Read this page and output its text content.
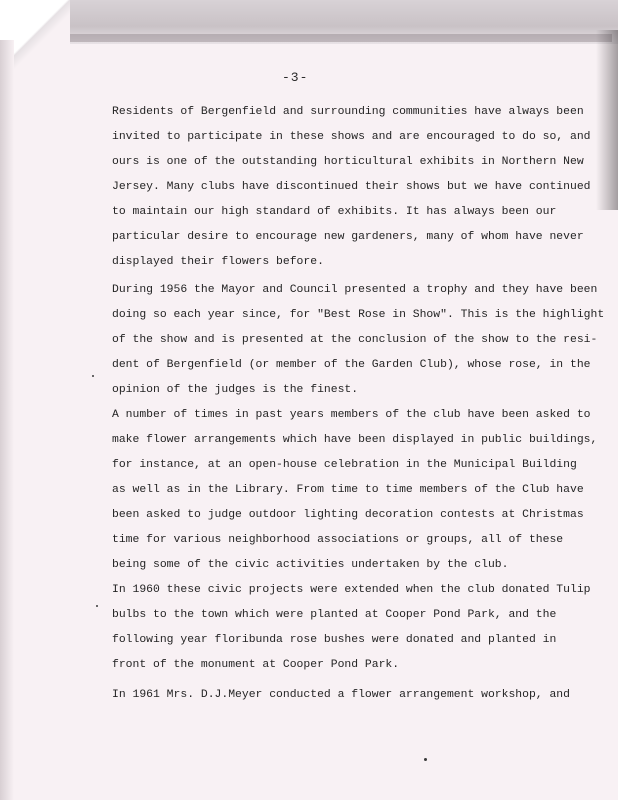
-3-

Residents of Bergenfield and surrounding communities have always been
invited to participate in these shows and are encouraged to do so, and
ours is one of the outstanding horticultural exhibits in Northern New
Jersey. Many clubs have discontinued their shows but we have continued
to maintain our high standard of exhibits. It has always been our
particular desire to encourage new gardeners, many of whom have never
displayed their flowers before.

During 1956 the Mayor and Council presented a trophy and they have been
doing so each year since, for "Best Rose in Show". This is the highlight
of the show and is presented at the conclusion of the show to the resi-
dent of Bergenfield (or member of the Garden Club), whose rose, in the
opinion of the judges is the finest.

A number of times in past years members of the club have been asked to
make flower arrangements which have been displayed in public buildings,
for instance, at an open-house celebration in the Municipal Building
as well as in the Library. From time to time members of the Club have
been asked to judge outdoor lighting decoration contests at Christmas
time for various neighborhood associations or groups, all of these
being some of the civic activities undertaken by the club.

In 1960 these civic projects were extended when the club donated Tulip
bulbs to the town which were planted at Cooper Pond Park, and the
following year floribunda rose bushes were donated and planted in
front of the monument at Cooper Pond Park.

In 1961 Mrs. D.J.Meyer conducted a flower arrangement workshop, and
